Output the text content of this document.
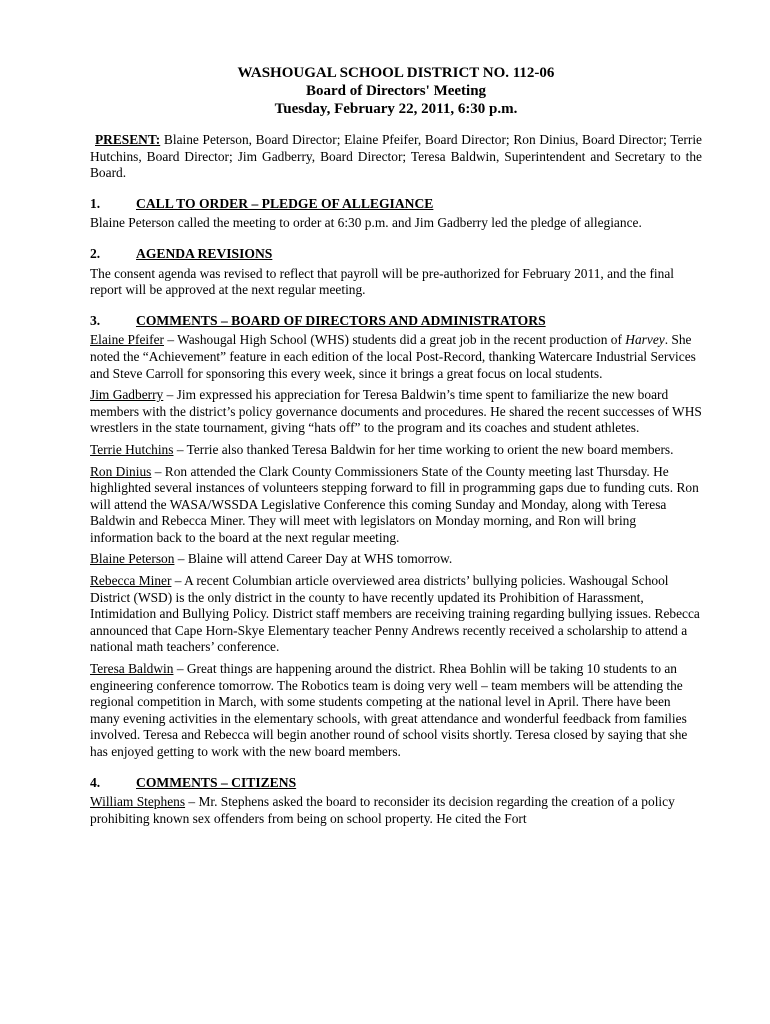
WASHOUGAL SCHOOL DISTRICT NO. 112-06
Board of Directors' Meeting
Tuesday, February 22, 2011, 6:30 p.m.
PRESENT: Blaine Peterson, Board Director; Elaine Pfeifer, Board Director; Ron Dinius, Board Director; Terrie Hutchins, Board Director; Jim Gadberry, Board Director; Teresa Baldwin, Superintendent and Secretary to the Board.
1.	CALL TO ORDER – PLEDGE OF ALLEGIANCE

Blaine Peterson called the meeting to order at 6:30 p.m. and Jim Gadberry led the pledge of allegiance.

2.	AGENDA REVISIONS

The consent agenda was revised to reflect that payroll will be pre-authorized for February 2011, and the final report will be approved at the next regular meeting.

3.	COMMENTS – BOARD OF DIRECTORS AND ADMINISTRATORS

Elaine Pfeifer – Washougal High School (WHS) students did a great job in the recent production of Harvey. She noted the “Achievement” feature in each edition of the local Post-Record, thanking Watercare Industrial Services and Steve Carroll for sponsoring this every week, since it brings a great focus on local students.

Jim Gadberry – Jim expressed his appreciation for Teresa Baldwin’s time spent to familiarize the new board members with the district’s policy governance documents and procedures. He shared the recent successes of WHS wrestlers in the state tournament, giving “hats off” to the program and its coaches and student athletes.

Terrie Hutchins – Terrie also thanked Teresa Baldwin for her time working to orient the new board members.

Ron Dinius – Ron attended the Clark County Commissioners State of the County meeting last Thursday. He highlighted several instances of volunteers stepping forward to fill in programming gaps due to funding cuts. Ron will attend the WASA/WSSDA Legislative Conference this coming Sunday and Monday, along with Teresa Baldwin and Rebecca Miner. They will meet with legislators on Monday morning, and Ron will bring information back to the board at the next regular meeting.

Blaine Peterson – Blaine will attend Career Day at WHS tomorrow.

Rebecca Miner – A recent Columbian article overviewed area districts’ bullying policies. Washougal School District (WSD) is the only district in the county to have recently updated its Prohibition of Harassment, Intimidation and Bullying Policy. District staff members are receiving training regarding bullying issues. Rebecca announced that Cape Horn-Skye Elementary teacher Penny Andrews recently received a scholarship to attend a national math teachers’ conference.

Teresa Baldwin – Great things are happening around the district. Rhea Bohlin will be taking 10 students to an engineering conference tomorrow. The Robotics team is doing very well – team members will be attending the regional competition in March, with some students competing at the national level in April. There have been many evening activities in the elementary schools, with great attendance and wonderful feedback from families involved. Teresa and Rebecca will begin another round of school visits shortly. Teresa closed by saying that she has enjoyed getting to work with the new board members.

4.	COMMENTS – CITIZENS

William Stephens – Mr. Stephens asked the board to reconsider its decision regarding the creation of a policy prohibiting known sex offenders from being on school property. He cited the Fort
